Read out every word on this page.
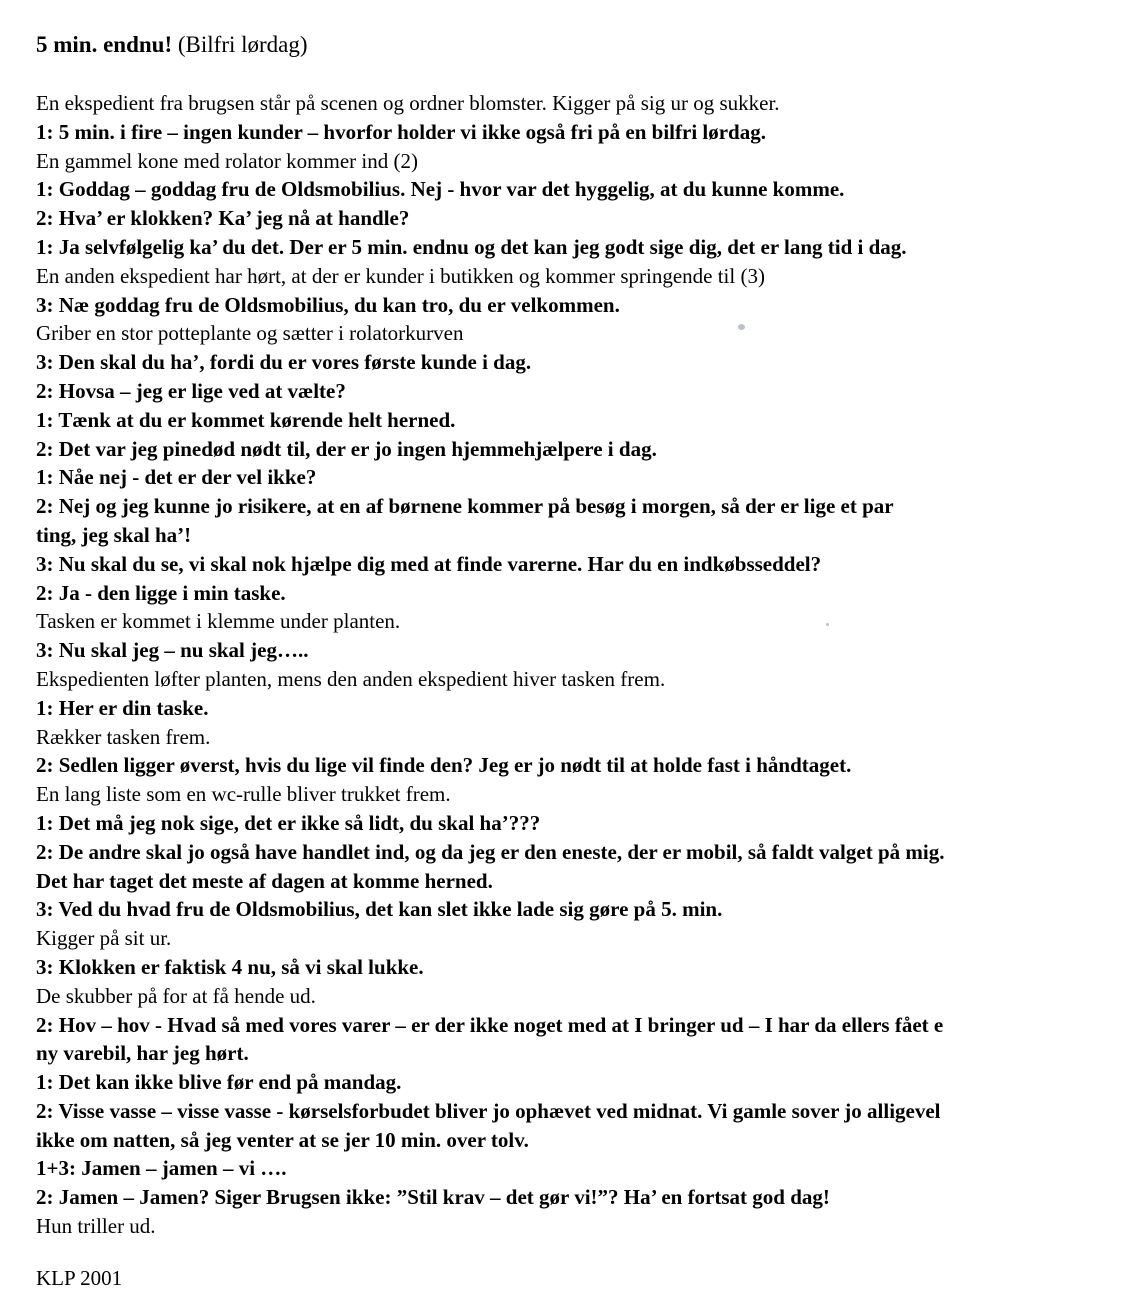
5 min. endnu! (Bilfri lørdag)
En ekspedient fra brugsen står på scenen og ordner blomster. Kigger på sig ur og sukker.
1: 5 min. i fire – ingen kunder – hvorfor holder vi ikke også fri på en bilfri lørdag.
En gammel kone med rolator kommer ind (2)
1: Goddag – goddag fru de Oldsmobilius. Nej - hvor var det hyggelig, at du kunne komme.
2: Hva’ er klokken? Ka’ jeg nå at handle?
1: Ja selvfølgelig ka’ du det. Der er 5 min. endnu og det kan jeg godt sige dig, det er lang tid i dag.
En anden ekspedient har hørt, at der er kunder i butikken og kommer springende til (3)
3: Næ goddag fru de Oldsmobilius, du kan tro, du er velkommen.
Griber en stor potteplante og sætter i rolatorkurven
3: Den skal du ha’, fordi du er vores første kunde i dag.
2: Hovsa – jeg er lige ved at vælte?
1: Tænk at du er kommet kørende helt herned.
2: Det var jeg pinedød nødt til, der er jo ingen hjemmehjælpere i dag.
1: Nåe nej - det er der vel ikke?
2: Nej og jeg kunne jo risikere, at en af børnene kommer på besøg i morgen, så der er lige et par
ting, jeg skal ha’!
3: Nu skal du se, vi skal nok hjælpe dig med at finde varerne. Har du en indkøbsseddel?
2: Ja - den ligge i min taske.
Tasken er kommet i klemme under planten.
3: Nu skal jeg – nu skal jeg…..
Ekspedienten løfter planten, mens den anden ekspedient hiver tasken frem.
1: Her er din taske.
Rækker tasken frem.
2: Sedlen ligger øverst, hvis du lige vil finde den? Jeg er jo nødt til at holde fast i håndtaget.
En lang liste som en wc-rulle bliver trukket frem.
1: Det må jeg nok sige, det er ikke så lidt, du skal ha’???
2: De andre skal jo også have handlet ind, og da jeg er den eneste, der er mobil, så faldt valget på mig.
Det har taget det meste af dagen at komme herned.
3: Ved du hvad fru de Oldsmobilius, det kan slet ikke lade sig gøre på 5. min.
Kigger på sit ur.
3: Klokken er faktisk 4 nu, så vi skal lukke.
De skubber på for at få hende ud.
2: Hov – hov - Hvad så med vores varer – er der ikke noget med at I bringer ud – I har da ellers fået e
ny varebil, har jeg hørt.
1: Det kan ikke blive før end på mandag.
2: Visse vasse – visse vasse - kørselsforbudet bliver jo ophævet ved midnat. Vi gamle sover jo alligevel
ikke om natten, så jeg venter at se jer 10 min. over tolv.
1+3: Jamen – jamen – vi ….
2: Jamen – Jamen? Siger Brugsen ikke: ”Stil krav – det gør vi!”? Ha’ en fortsat god dag!
Hun triller ud.
KLP 2001
